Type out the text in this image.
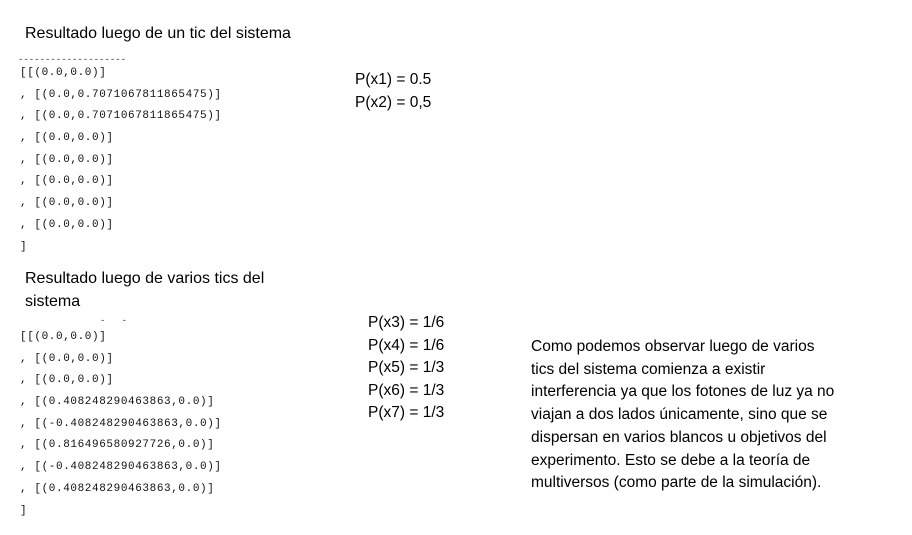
Resultado luego de un tic del sistema
--------------------
[[(0.0,0.0)]
, [(0.0,0.7071067811865475)]
, [(0.0,0.7071067811865475)]
, [(0.0,0.0)]
, [(0.0,0.0)]
, [(0.0,0.0)]
, [(0.0,0.0)]
, [(0.0,0.0)]
]
P(x1) = 0.5
P(x2) = 0,5
Resultado luego de varios tics del
sistema
-   -
[[(0.0,0.0)]
, [(0.0,0.0)]
, [(0.0,0.0)]
, [(0.408248290463863,0.0)]
, [(-0.408248290463863,0.0)]
, [(0.816496580927726,0.0)]
, [(-0.408248290463863,0.0)]
, [(0.408248290463863,0.0)]
]
P(x3) = 1/6
P(x4) = 1/6
P(x5) = 1/3
P(x6) = 1/3
P(x7) = 1/3
Como podemos observar luego de varios
tics del sistema comienza a existir
interferencia ya que los fotones de luz ya no
viajan a dos lados únicamente, sino que se
dispersan en varios blancos u objetivos del
experimento. Esto se debe a la teoría de
multiversos (como parte de la simulación).
